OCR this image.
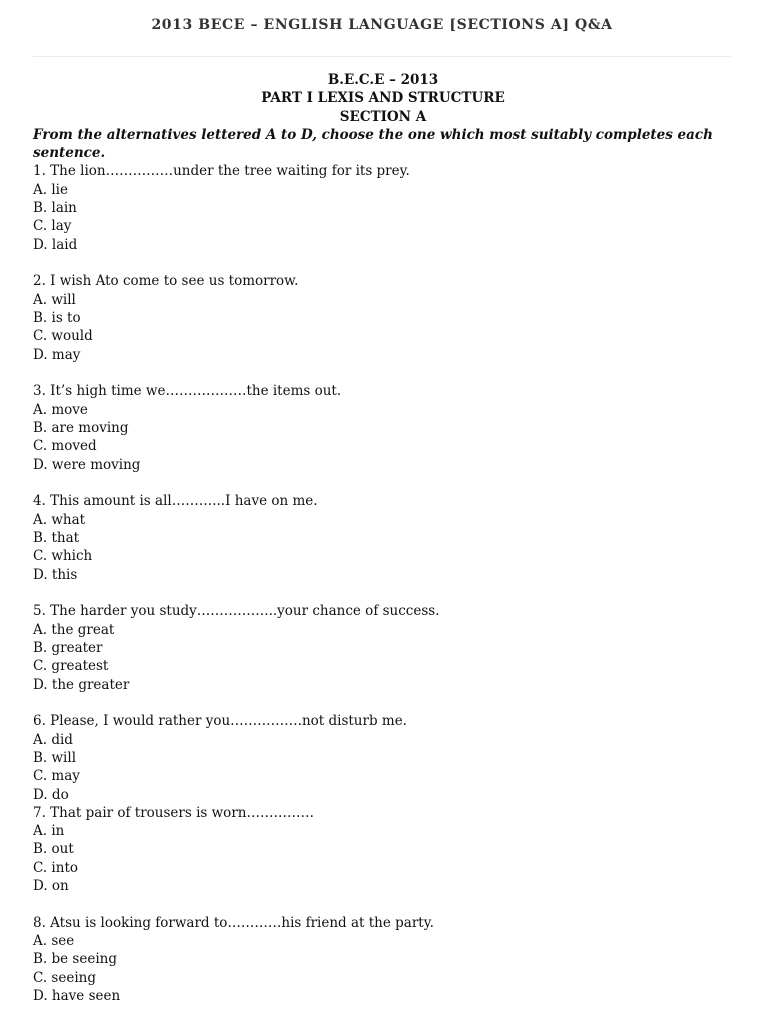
2013 BECE – ENGLISH LANGUAGE [SECTIONS A] Q&A
B.E.C.E – 2013
PART I LEXIS AND STRUCTURE
SECTION A
From the alternatives lettered A to D, choose the one which most suitably completes each sentence.
1. The lion……………under the tree waiting for its prey.
A. lie
B. lain
C. lay
D. laid
2. I wish Ato come to see us tomorrow.
A. will
B. is to
C. would
D. may
3. It’s high time we………………the items out.
A. move
B. are moving
C. moved
D. were moving
4. This amount is all………...I have on me.
A. what
B. that
C. which
D. this
5. The harder you study……………...your chance of success.
A. the great
B. greater
C. greatest
D. the greater
6. Please, I would rather you…………….not disturb me.
A. did
B. will
C. may
D. do
7. That pair of trousers is worn……………
A. in
B. out
C. into
D. on
8. Atsu is looking forward to…………his friend at the party.
A. see
B. be seeing
C. seeing
D. have seen
